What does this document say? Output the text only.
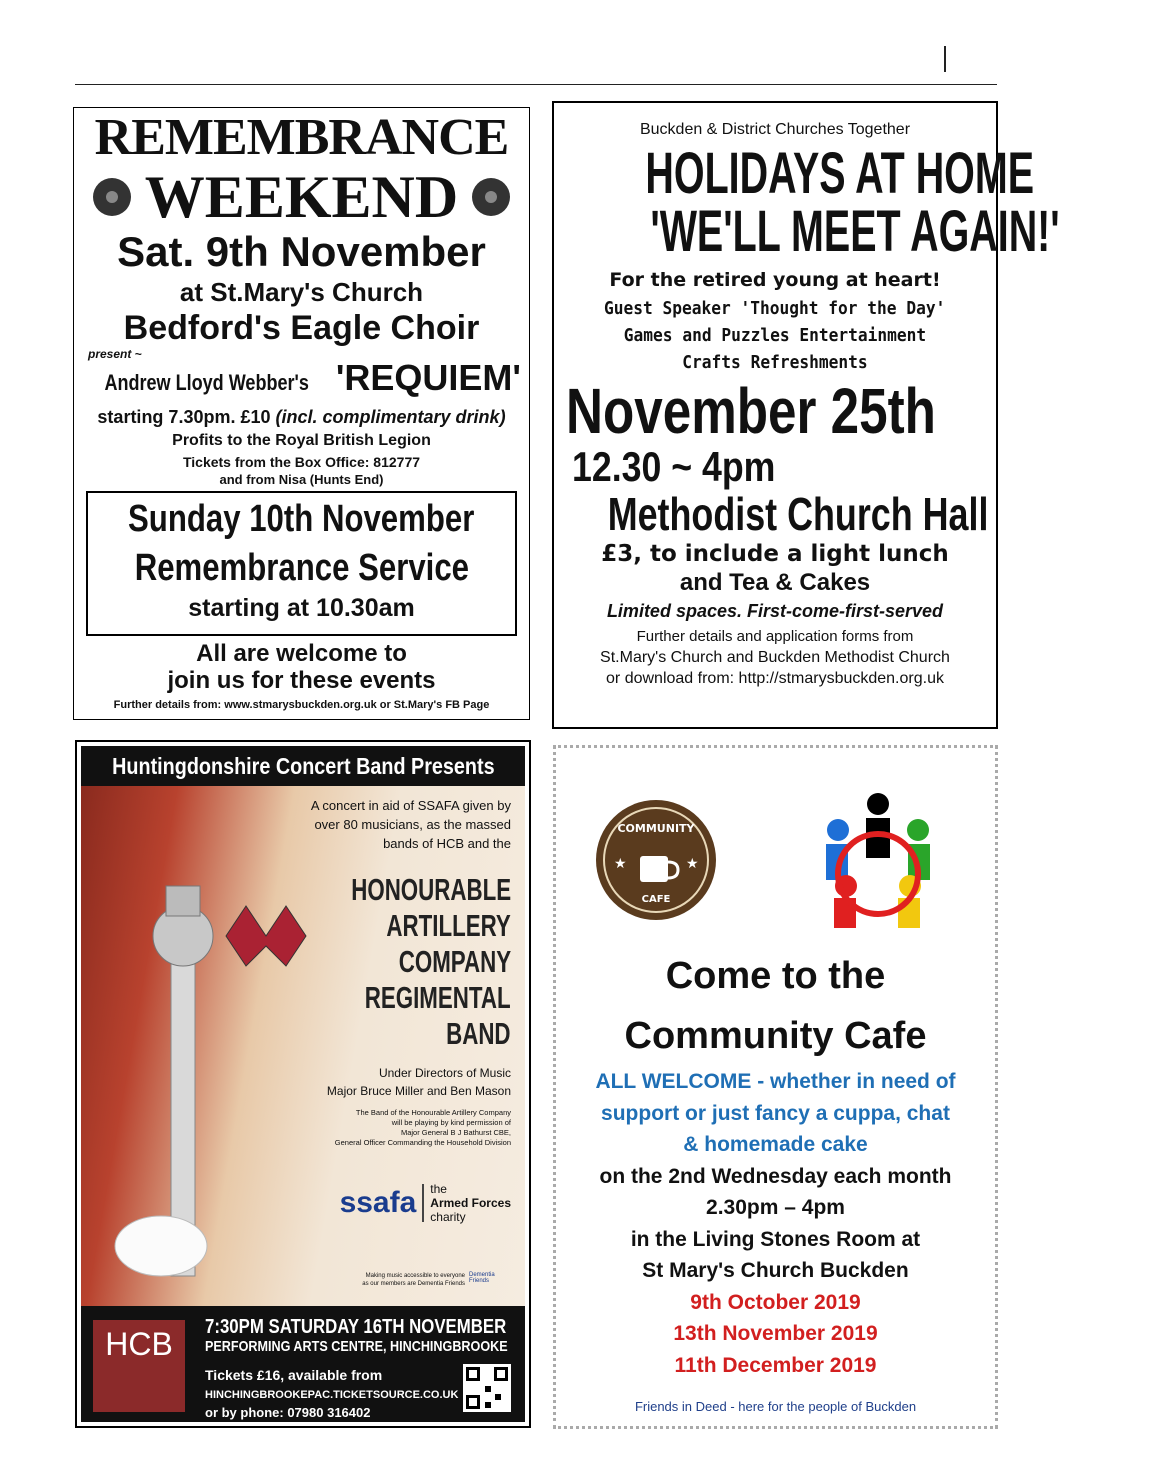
REMEMBRANCE
WEEKEND
Sat. 9th November
at St.Mary's Church
Bedford's Eagle Choir
present ~
Andrew Lloyd Webber's 'REQUIEM'
starting 7.30pm. £10 (incl. complimentary drink)
Profits to the Royal British Legion
Tickets from the Box Office: 812777
and from Nisa (Hunts End)
Sunday 10th November
Remembrance Service
starting at 10.30am
All are welcome to
join us for these events
Further details from: www.stmarysbuckden.org.uk or St.Mary's FB Page
Buckden & District Churches Together
HOLIDAYS AT HOME
'WE'LL MEET AGAIN!'
For the retired young at heart!
Guest Speaker 'Thought for the Day'
Games and Puzzles Entertainment
Crafts Refreshments
November 25th
12.30 ~ 4pm
Methodist Church Hall
£3, to include a light lunch
and Tea & Cakes
Limited spaces. First-come-first-served
Further details and application forms from
St.Mary's Church and Buckden Methodist Church
or download from: http://stmarysbuckden.org.uk
Huntingdonshire Concert Band Presents
A concert in aid of SSAFA given by
over 80 musicians, as the massed
bands of HCB and the
HONOURABLE
ARTILLERY
COMPANY
REGIMENTAL
BAND
Under Directors of Music
Major Bruce Miller and Ben Mason
The Band of the Honourable Artillery Company
will be playing by kind permission of
Major General B J Bathurst CBE,
General Officer Commanding the Household Division
ssafa the
Armed Forces
charity
Making music accessible to everyone
as our members are Dementia Friends
Dementia Friends
HCB	7:30PM SATURDAY 16TH NOVEMBER
PERFORMING ARTS CENTRE, HINCHINGBROOKE
Tickets £16, available from
HINCHINGBROOKEPAC.TICKETSOURCE.CO.UK
or by phone: 07980 316402
★	★
COMMUNITY
CAFE
Come to the
Community Cafe
ALL WELCOME - whether in need of
support or just fancy a cuppa, chat
& homemade cake
on the 2nd Wednesday each month
2.30pm – 4pm
in the Living Stones Room at
St Mary's Church Buckden
9th October 2019
13th November 2019
11th December 2019
Friends in Deed - here for the people of Buckden
